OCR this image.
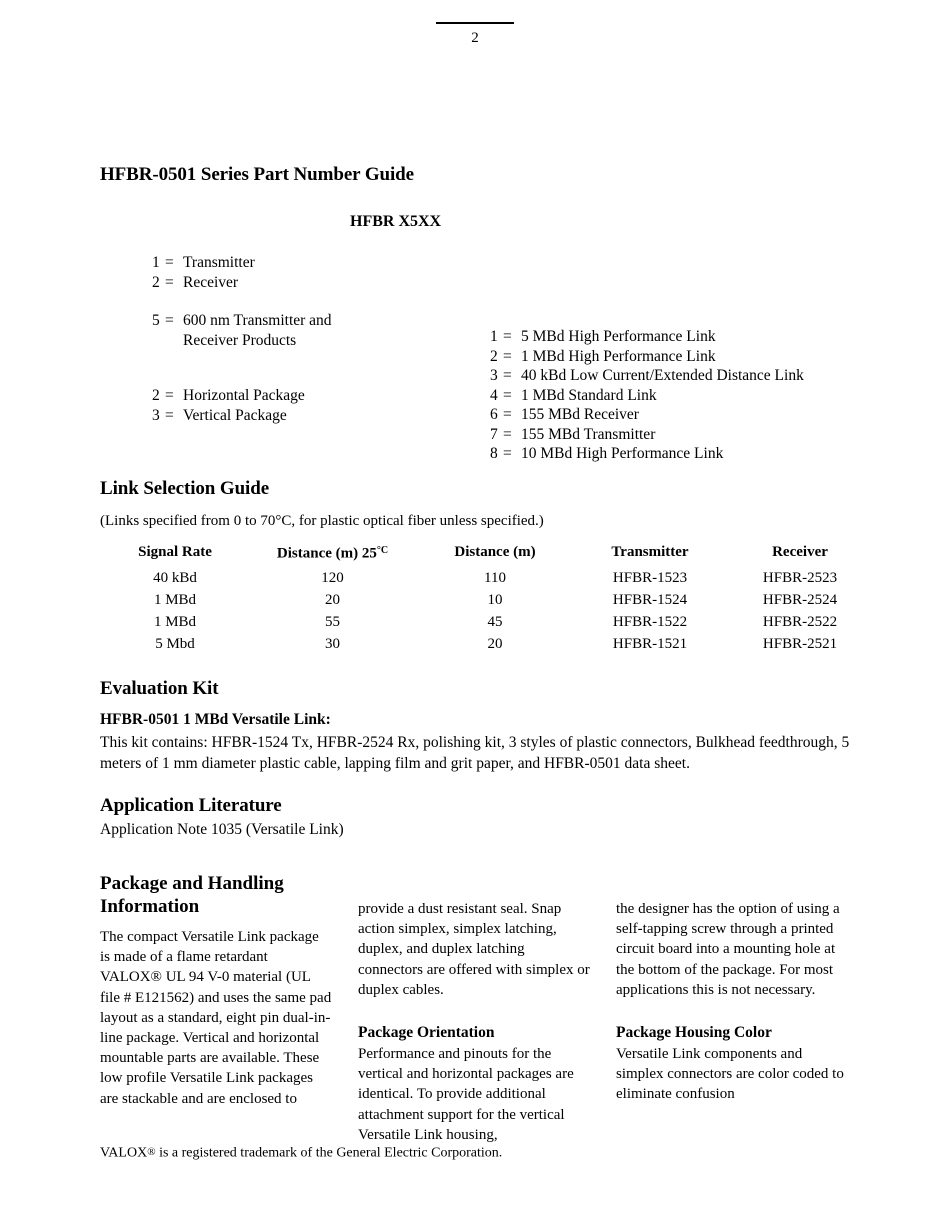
2
HFBR-0501 Series Part Number Guide
HFBR X5XX
1 = Transmitter
2 = Receiver
5 = 600 nm Transmitter and
Receiver Products
2 = Horizontal Package
3 = Vertical Package
1 = 5 MBd High Performance Link
2 = 1 MBd High Performance Link
3 = 40 kBd Low Current/Extended Distance Link
4 = 1 MBd Standard Link
6 = 155 MBd Receiver
7 = 155 MBd Transmitter
8 = 10 MBd High Performance Link
Link Selection Guide
(Links specified from 0 to 70°C, for plastic optical fiber unless specified.)
Signal Rate	Distance (m) $25^{^\circ C}$	Distance (m)	Transmitter	Receiver
40 kBd	120	110	HFBR-1523	HFBR-2523
1 MBd	20	10	HFBR-1524	HFBR-2524
1 MBd	55	45	HFBR-1522	HFBR-2522
5 Mbd	30	20	HFBR-1521	HFBR-2521
Evaluation Kit
HFBR-0501 1 MBd Versatile Link:
This kit contains: HFBR-1524 Tx, HFBR-2524 Rx, polishing kit, 3 styles of plastic connectors, Bulkhead feedthrough, 5 meters of 1 mm diameter plastic cable, lapping film and grit paper, and HFBR-0501 data sheet.
Application Literature
Application Note 1035 (Versatile Link)
Package and Handling
Information

The compact Versatile Link package is made of a flame retardant VALOX® UL 94 V-0 material (UL file # E121562) and uses the same pad layout as a standard, eight pin dual-in-line package. Vertical and horizontal mountable parts are available. These low profile Versatile Link packages are stackable and are enclosed to

provide a dust resistant seal. Snap action simplex, simplex latching, duplex, and duplex latching connectors are offered with simplex or duplex cables.

Package Orientation

Performance and pinouts for the vertical and horizontal packages are identical. To provide additional attachment support for the vertical Versatile Link housing,

the designer has the option of using a self-tapping screw through a printed circuit board into a mounting hole at the bottom of the package. For most applications this is not necessary.

Package Housing Color

Versatile Link components and simplex connectors are color coded to eliminate confusion

VALOX® is a registered trademark of the General Electric Corporation.
